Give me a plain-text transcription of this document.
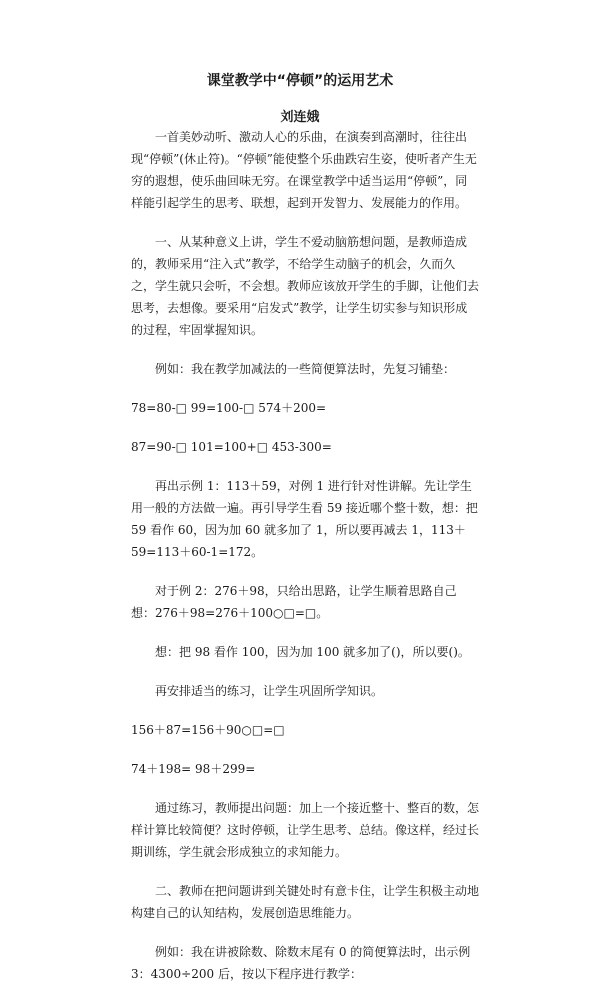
课堂教学中“停顿”的运用艺术
刘连娥

一首美妙动听、激动人心的乐曲，在演奏到高潮时，往往出现“停顿”(休止符)。“停顿”能使整个乐曲跌宕生姿，使听者产生无穷的遐想，使乐曲回味无穷。在课堂教学中适当运用“停顿”，同样能引起学生的思考、联想，起到开发智力、发展能力的作用。

一、从某种意义上讲，学生不爱动脑筋想问题，是教师造成的，教师采用“注入式”教学，不给学生动脑子的机会，久而久之，学生就只会听，不会想。教师应该放开学生的手脚，让他们去思考，去想像。要采用“启发式”教学，让学生切实参与知识形成的过程，牢固掌握知识。

例如：我在教学加减法的一些简便算法时，先复习铺垫：

78=80-□ 99=100-□ 574＋200=

87=90-□ 101=100+□ 453-300=

再出示例 1：113＋59，对例 1 进行针对性讲解。先让学生用一般的方法做一遍。再引导学生看 59 接近哪个整十数，想：把 59 看作 60，因为加 60 就多加了 1，所以要再减去 1，113＋59=113＋60-1=172。

对于例 2：276＋98，只给出思路，让学生顺着思路自己想：276＋98=276＋100○□=□。

想：把 98 看作 100，因为加 100 就多加了()，所以要()。

再安排适当的练习，让学生巩固所学知识。

156＋87=156＋90○□=□

74＋198= 98＋299=

通过练习，教师提出问题：加上一个接近整十、整百的数，怎样计算比较简便？这时停顿，让学生思考、总结。像这样，经过长期训练，学生就会形成独立的求知能力。

二、教师在把问题讲到关键处时有意卡住，让学生积极主动地构建自己的认知结构，发展创造思维能力。

例如：我在讲被除数、除数末尾有 0 的简便算法时，出示例 3：4300÷200 后，按以下程序进行教学：
